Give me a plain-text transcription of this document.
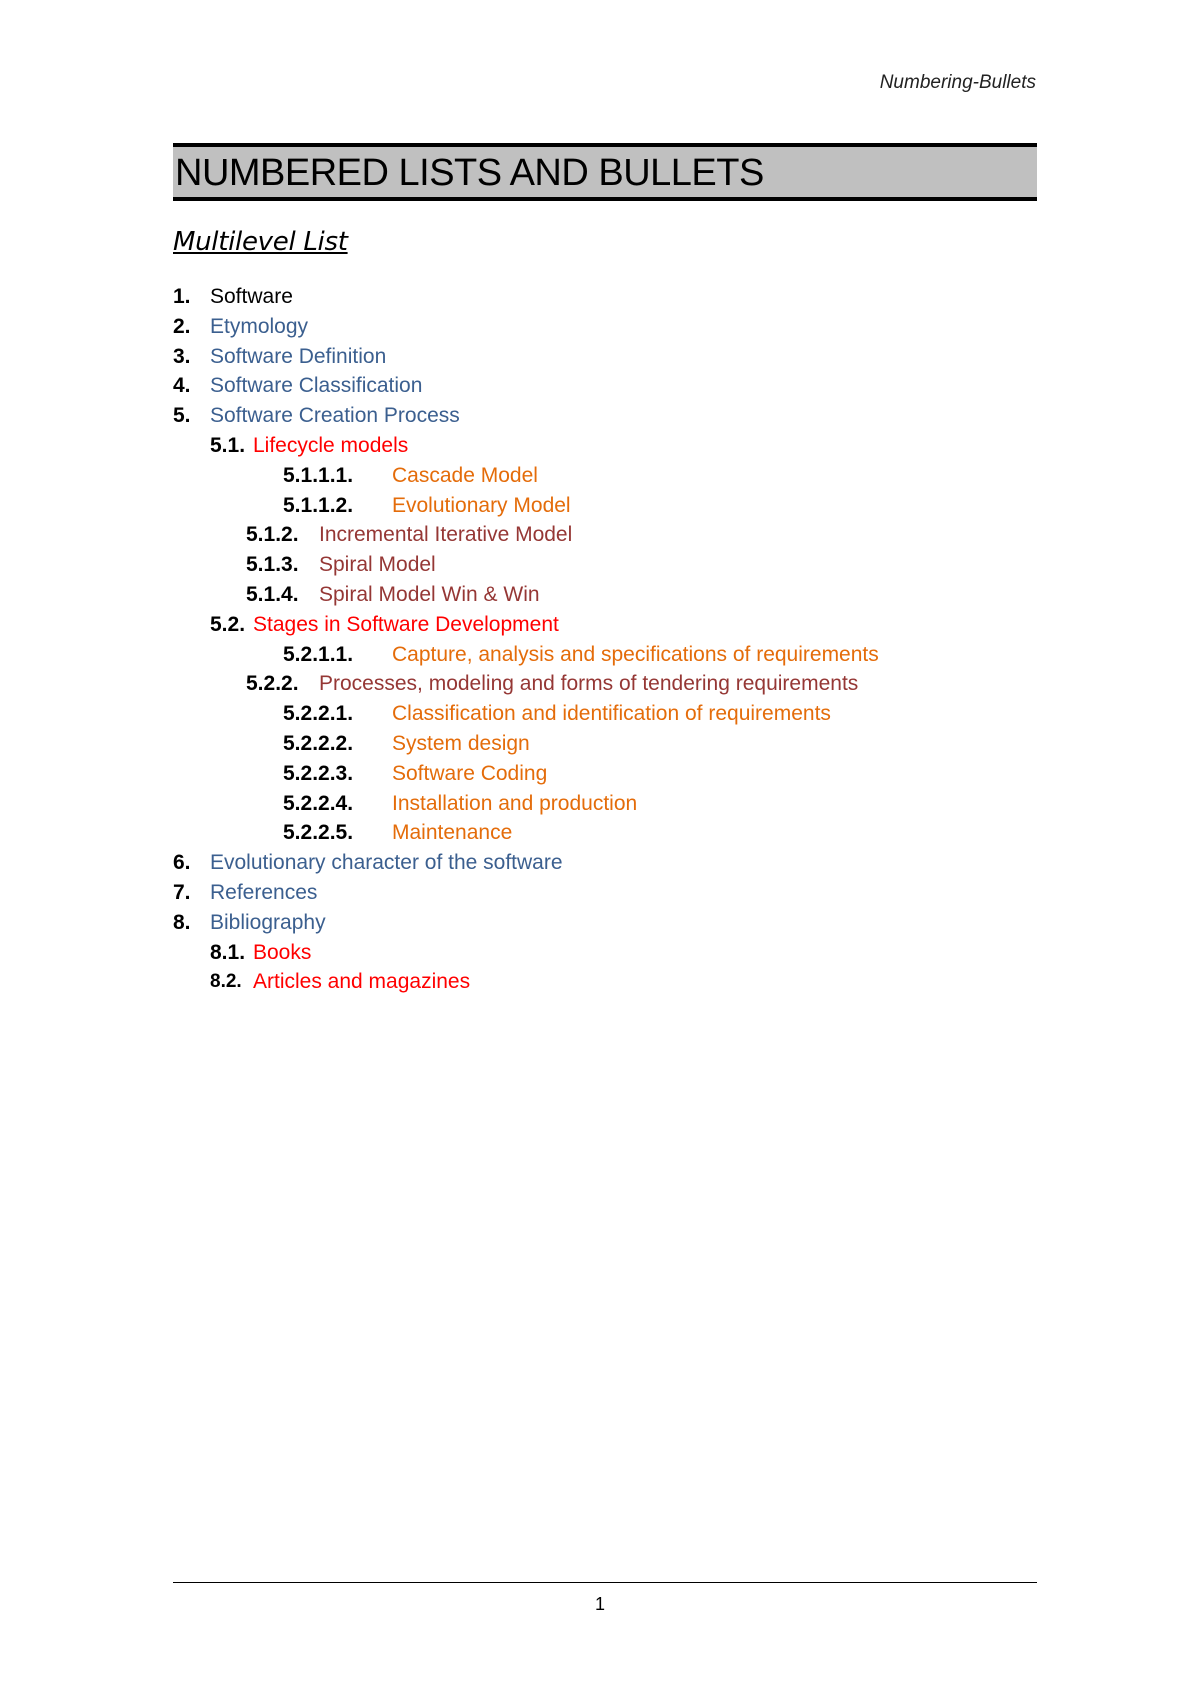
Numbering-Bullets
NUMBERED LISTS AND BULLETS
Multilevel List
1. Software
2. Etymology
3. Software Definition
4. Software Classification
5. Software Creation Process
5.1. Lifecycle models
5.1.1.1. Cascade Model
5.1.1.2. Evolutionary Model
5.1.2. Incremental Iterative Model
5.1.3. Spiral Model
5.1.4. Spiral Model Win & Win
5.2. Stages in Software Development
5.2.1.1. Capture, analysis and specifications of requirements
5.2.2. Processes, modeling and forms of tendering requirements
5.2.2.1. Classification and identification of requirements
5.2.2.2. System design
5.2.2.3. Software Coding
5.2.2.4. Installation and production
5.2.2.5. Maintenance
6. Evolutionary character of the software
7. References
8. Bibliography
8.1. Books
8.2. Articles and magazines
1
